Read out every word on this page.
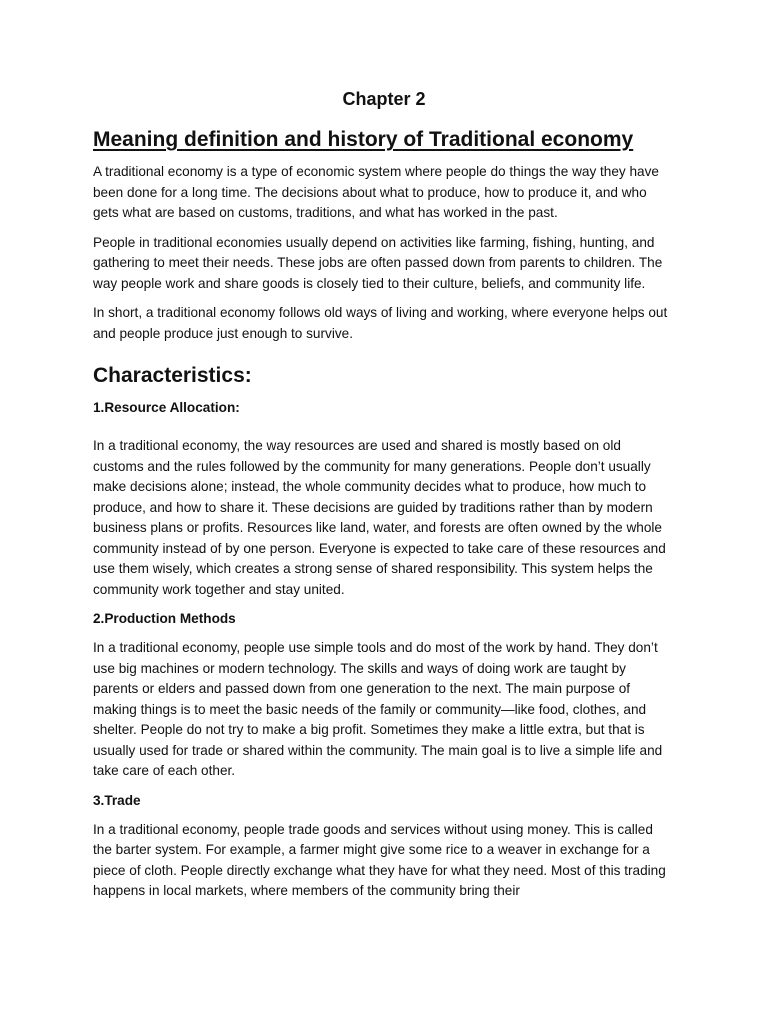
Chapter 2
Meaning definition and history of Traditional economy

A traditional economy is a type of economic system where people do things the way they have been done for a long time. The decisions about what to produce, how to produce it, and who gets what are based on customs, traditions, and what has worked in the past.

People in traditional economies usually depend on activities like farming, fishing, hunting, and gathering to meet their needs. These jobs are often passed down from parents to children. The way people work and share goods is closely tied to their culture, beliefs, and community life.

In short, a traditional economy follows old ways of living and working, where everyone helps out and people produce just enough to survive.

Characteristics:
1.Resource Allocation:

In a traditional economy, the way resources are used and shared is mostly based on old customs and the rules followed by the community for many generations. People don’t usually make decisions alone; instead, the whole community decides what to produce, how much to produce, and how to share it. These decisions are guided by traditions rather than by modern business plans or profits. Resources like land, water, and forests are often owned by the whole community instead of by one person. Everyone is expected to take care of these resources and use them wisely, which creates a strong sense of shared responsibility. This system helps the community work together and stay united.

2.Production Methods

In a traditional economy, people use simple tools and do most of the work by hand. They don’t use big machines or modern technology. The skills and ways of doing work are taught by parents or elders and passed down from one generation to the next. The main purpose of making things is to meet the basic needs of the family or community—like food, clothes, and shelter. People do not try to make a big profit. Sometimes they make a little extra, but that is usually used for trade or shared within the community. The main goal is to live a simple life and take care of each other.

3.Trade

In a traditional economy, people trade goods and services without using money. This is called the barter system. For example, a farmer might give some rice to a weaver in exchange for a piece of cloth. People directly exchange what they have for what they need. Most of this trading happens in local markets, where members of the community bring their
